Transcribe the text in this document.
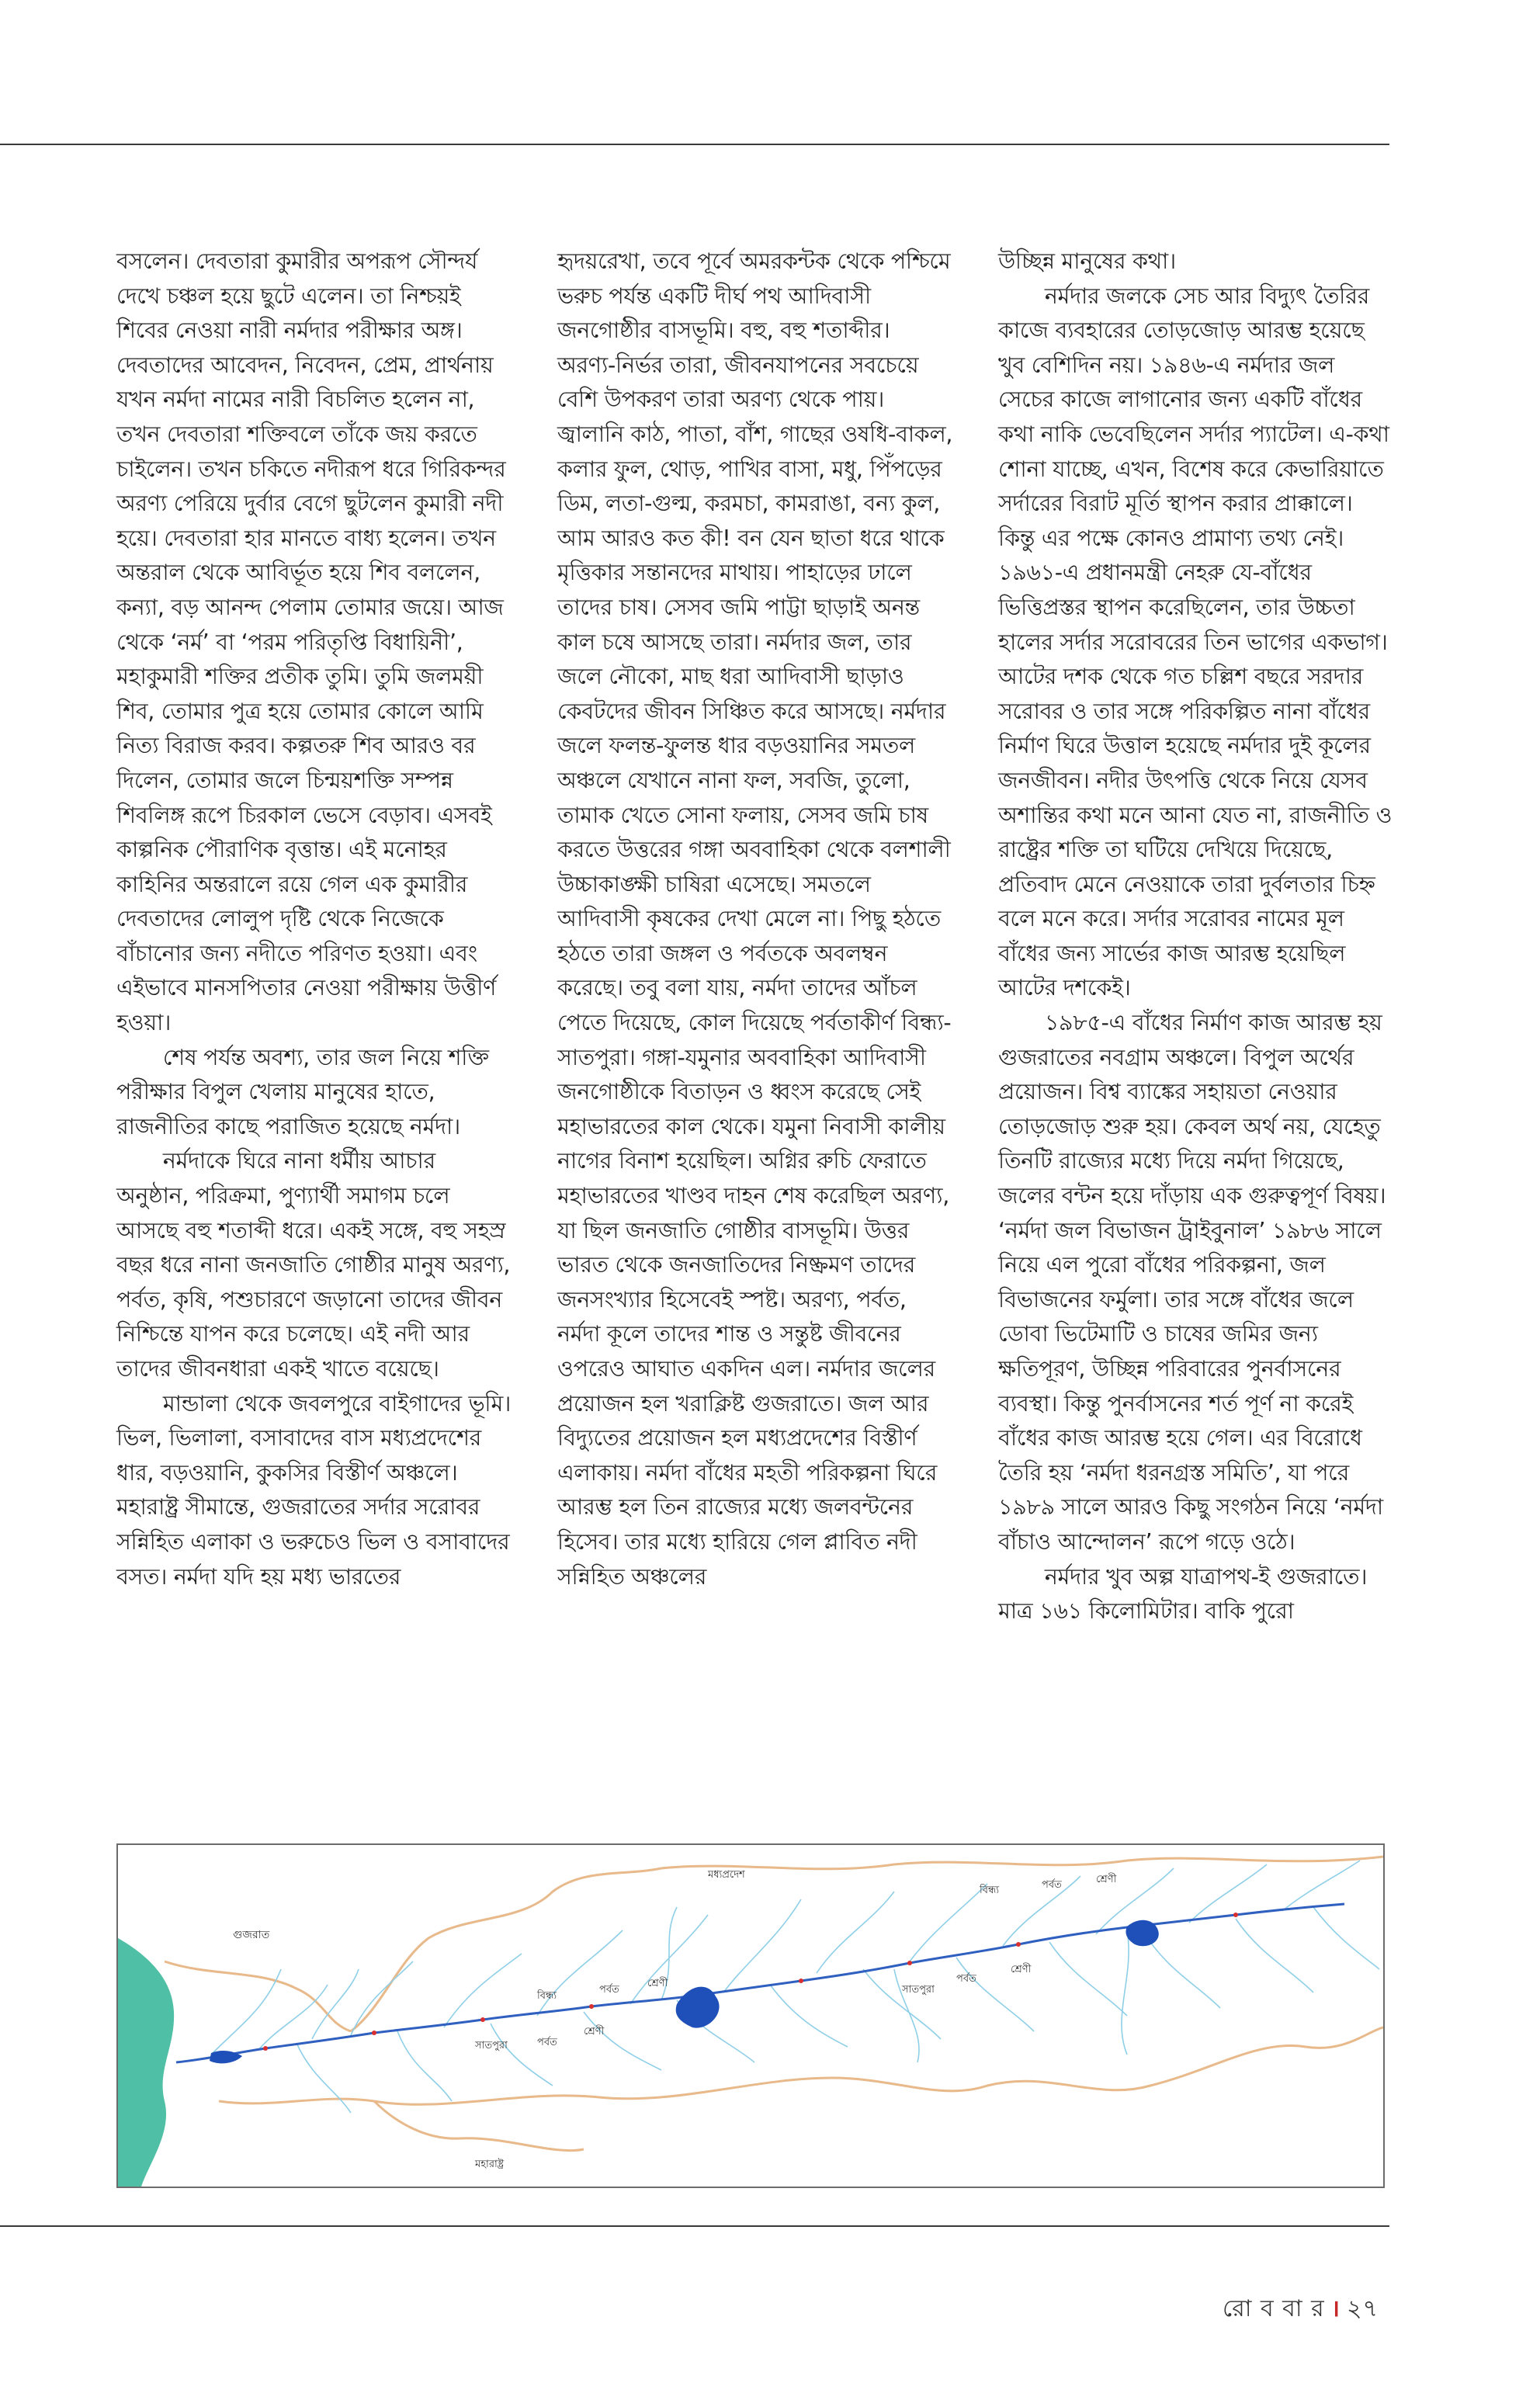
বসলেন। দেবতারা কুমারীর অপরূপ সৌন্দর্য দেখে চঞ্চল হয়ে ছুটে এলেন। তা নিশ্চয়ই শিবের নেওয়া নারী নর্মদার পরীক্ষার অঙ্গ। দেবতাদের আবেদন, নিবেদন, প্রেম, প্রার্থনায় যখন নর্মদা নামের নারী বিচলিত হলেন না, তখন দেবতারা শক্তিবলে তাঁকে জয় করতে চাইলেন। তখন চকিতে নদীরূপ ধরে গিরিকন্দর অরণ্য পেরিয়ে দুর্বার বেগে ছুটলেন কুমারী নদী হয়ে। দেবতারা হার মানতে বাধ্য হলেন। তখন অন্তরাল থেকে আবির্ভূত হয়ে শিব বললেন, কন্যা, বড় আনন্দ পেলাম তোমার জয়ে। আজ থেকে ‘নর্ম’ বা ‘পরম পরিতৃপ্তি বিধায়িনী’, মহাকুমারী শক্তির প্রতীক তুমি। তুমি জলময়ী শিব, তোমার পুত্র হয়ে তোমার কোলে আমি নিত্য বিরাজ করব। কল্পতরু শিব আরও বর দিলেন, তোমার জলে চিন্ময়শক্তি সম্পন্ন শিবলিঙ্গ রূপে চিরকাল ভেসে বেড়াব। এসবই কাল্পনিক পৌরাণিক বৃত্তান্ত। এই মনোহর কাহিনির অন্তরালে রয়ে গেল এক কুমারীর দেবতাদের লোলুপ দৃষ্টি থেকে নিজেকে বাঁচানোর জন্য নদীতে পরিণত হওয়া। এবং এইভাবে মানসপিতার নেওয়া পরীক্ষায় উত্তীর্ণ হওয়া।

শেষ পর্যন্ত অবশ্য, তার জল নিয়ে শক্তি পরীক্ষার বিপুল খেলায় মানুষের হাতে, রাজনীতির কাছে পরাজিত হয়েছে নর্মদা।

নর্মদাকে ঘিরে নানা ধর্মীয় আচার অনুষ্ঠান, পরিক্রমা, পুণ্যার্থী সমাগম চলে আসছে বহু শতাব্দী ধরে। একই সঙ্গে, বহু সহস্র বছর ধরে নানা জনজাতি গোষ্ঠীর মানুষ অরণ্য, পর্বত, কৃষি, পশুচারণে জড়ানো তাদের জীবন নিশ্চিন্তে যাপন করে চলেছে। এই নদী আর তাদের জীবনধারা একই খাতে বয়েছে।

মান্ডালা থেকে জবলপুরে বাইগাদের ভূমি। ভিল, ভিলালা, বসাবাদের বাস মধ্যপ্রদেশের ধার, বড়ওয়ানি, কুকসির বিস্তীর্ণ অঞ্চলে। মহারাষ্ট্র সীমান্তে, গুজরাতের সর্দার সরোবর সন্নিহিত এলাকা ও ভরুচেও ভিল ও বসাবাদের বসত। নর্মদা যদি হয় মধ্য ভারতের

হৃদয়রেখা, তবে পূর্বে অমরকন্টক থেকে পশ্চিমে ভরুচ পর্যন্ত একটি দীর্ঘ পথ আদিবাসী জনগোষ্ঠীর বাসভূমি। বহু, বহু শতাব্দীর। অরণ্য-নির্ভর তারা, জীবনযাপনের সবচেয়ে বেশি উপকরণ তারা অরণ্য থেকে পায়। জ্বালানি কাঠ, পাতা, বাঁশ, গাছের ওষধি-বাকল, কলার ফুল, থোড়, পাখির বাসা, মধু, পিঁপড়ের ডিম, লতা-গুল্ম, করমচা, কামরাঙা, বন্য কুল, আম আরও কত কী! বন যেন ছাতা ধরে থাকে মৃত্তিকার সন্তানদের মাথায়। পাহাড়ের ঢালে তাদের চাষ। সেসব জমি পাট্টা ছাড়াই অনন্ত কাল চষে আসছে তারা। নর্মদার জল, তার জলে নৌকো, মাছ ধরা আদিবাসী ছাড়াও কেবটদের জীবন সিঞ্চিত করে আসছে। নর্মদার জলে ফলন্ত-ফুলন্ত ধার বড়ওয়ানির সমতল অঞ্চলে যেখানে নানা ফল, সবজি, তুলো, তামাক খেতে সোনা ফলায়, সেসব জমি চাষ করতে উত্তরের গঙ্গা অববাহিকা থেকে বলশালী উচ্চাকাঙ্ক্ষী চাষিরা এসেছে। সমতলে আদিবাসী কৃষকের দেখা মেলে না। পিছু হঠতে হঠতে তারা জঙ্গল ও পর্বতকে অবলম্বন করেছে। তবু বলা যায়, নর্মদা তাদের আঁচল পেতে দিয়েছে, কোল দিয়েছে পর্বতাকীর্ণ বিন্ধ্য-সাতপুরা। গঙ্গা-যমুনার অববাহিকা আদিবাসী জনগোষ্ঠীকে বিতাড়ন ও ধ্বংস করেছে সেই মহাভারতের কাল থেকে। যমুনা নিবাসী কালীয় নাগের বিনাশ হয়েছিল। অগ্নির রুচি ফেরাতে মহাভারতের খাণ্ডব দাহন শেষ করেছিল অরণ্য, যা ছিল জনজাতি গোষ্ঠীর বাসভূমি। উত্তর ভারত থেকে জনজাতিদের নিষ্ক্রমণ তাদের জনসংখ্যার হিসেবেই স্পষ্ট। অরণ্য, পর্বত, নর্মদা কূলে তাদের শান্ত ও সন্তুষ্ট জীবনের ওপরেও আঘাত একদিন এল। নর্মদার জলের প্রয়োজন হল খরাক্লিষ্ট গুজরাতে। জল আর বিদ্যুতের প্রয়োজন হল মধ্যপ্রদেশের বিস্তীর্ণ এলাকায়। নর্মদা বাঁধের মহতী পরিকল্পনা ঘিরে আরম্ভ হল তিন রাজ্যের মধ্যে জলবন্টনের হিসেব। তার মধ্যে হারিয়ে গেল প্লাবিত নদী সন্নিহিত অঞ্চলের

উচ্ছিন্ন মানুষের কথা।

নর্মদার জলকে সেচ আর বিদ্যুৎ তৈরির কাজে ব্যবহারের তোড়জোড় আরম্ভ হয়েছে খুব বেশিদিন নয়। ১৯৪৬-এ নর্মদার জল সেচের কাজে লাগানোর জন্য একটি বাঁধের কথা নাকি ভেবেছিলেন সর্দার প্যাটেল। এ-কথা শোনা যাচ্ছে, এখন, বিশেষ করে কেভারিয়াতে সর্দারের বিরাট মূর্তি স্থাপন করার প্রাক্কালে। কিন্তু এর পক্ষে কোনও প্রামাণ্য তথ্য নেই। ১৯৬১-এ প্রধানমন্ত্রী নেহরু যে-বাঁধের ভিত্তিপ্রস্তর স্থাপন করেছিলেন, তার উচ্চতা হালের সর্দার সরোবরের তিন ভাগের একভাগ। আটের দশক থেকে গত চল্লিশ বছরে সরদার সরোবর ও তার সঙ্গে পরিকল্পিত নানা বাঁধের নির্মাণ ঘিরে উত্তাল হয়েছে নর্মদার দুই কূলের জনজীবন। নদীর উৎপত্তি থেকে নিয়ে যেসব অশান্তির কথা মনে আনা যেত না, রাজনীতি ও রাষ্ট্রের শক্তি তা ঘটিয়ে দেখিয়ে দিয়েছে, প্রতিবাদ মেনে নেওয়াকে তারা দুর্বলতার চিহ্ন বলে মনে করে। সর্দার সরোবর নামের মূল বাঁধের জন্য সার্ভের কাজ আরম্ভ হয়েছিল আটের দশকেই।

১৯৮৫-এ বাঁধের নির্মাণ কাজ আরম্ভ হয় গুজরাতের নবগ্রাম অঞ্চলে। বিপুল অর্থের প্রয়োজন। বিশ্ব ব্যাঙ্কের সহায়তা নেওয়ার তোড়জোড় শুরু হয়। কেবল অর্থ নয়, যেহেতু তিনটি রাজ্যের মধ্যে দিয়ে নর্মদা গিয়েছে, জলের বন্টন হয়ে দাঁড়ায় এক গুরুত্বপূর্ণ বিষয়। ‘নর্মদা জল বিভাজন ট্রাইবুনাল’ ১৯৮৬ সালে নিয়ে এল পুরো বাঁধের পরিকল্পনা, জল বিভাজনের ফর্মুলা। তার সঙ্গে বাঁধের জলে ডোবা ভিটেমাটি ও চাষের জমির জন্য ক্ষতিপূরণ, উচ্ছিন্ন পরিবারের পুনর্বাসনের ব্যবস্থা। কিন্তু পুনর্বাসনের শর্ত পূর্ণ না করেই বাঁধের কাজ আরম্ভ হয়ে গেল। এর বিরোধে তৈরি হয় ‘নর্মদা ধরনগ্রস্ত সমিতি’, যা পরে ১৯৮৯ সালে আরও কিছু সংগঠন নিয়ে ‘নর্মদা বাঁচাও আন্দোলন’ রূপে গড়ে ওঠে।

নর্মদার খুব অল্প যাত্রাপথ-ই গুজরাতে। মাত্র ১৬১ কিলোমিটার। বাকি পুরো

গুজরাত
মধ্যপ্রদেশ
মহারাষ্ট্র
বিন্ধ্য
পর্বত
শ্রেণী
বিন্ধ্য	পর্বত	শ্রেণী
সাতপুরা	পর্বত
শ্রেণী
সাতপুরা
পর্বত
শ্রেণী
রো ব বা র । ২৭
